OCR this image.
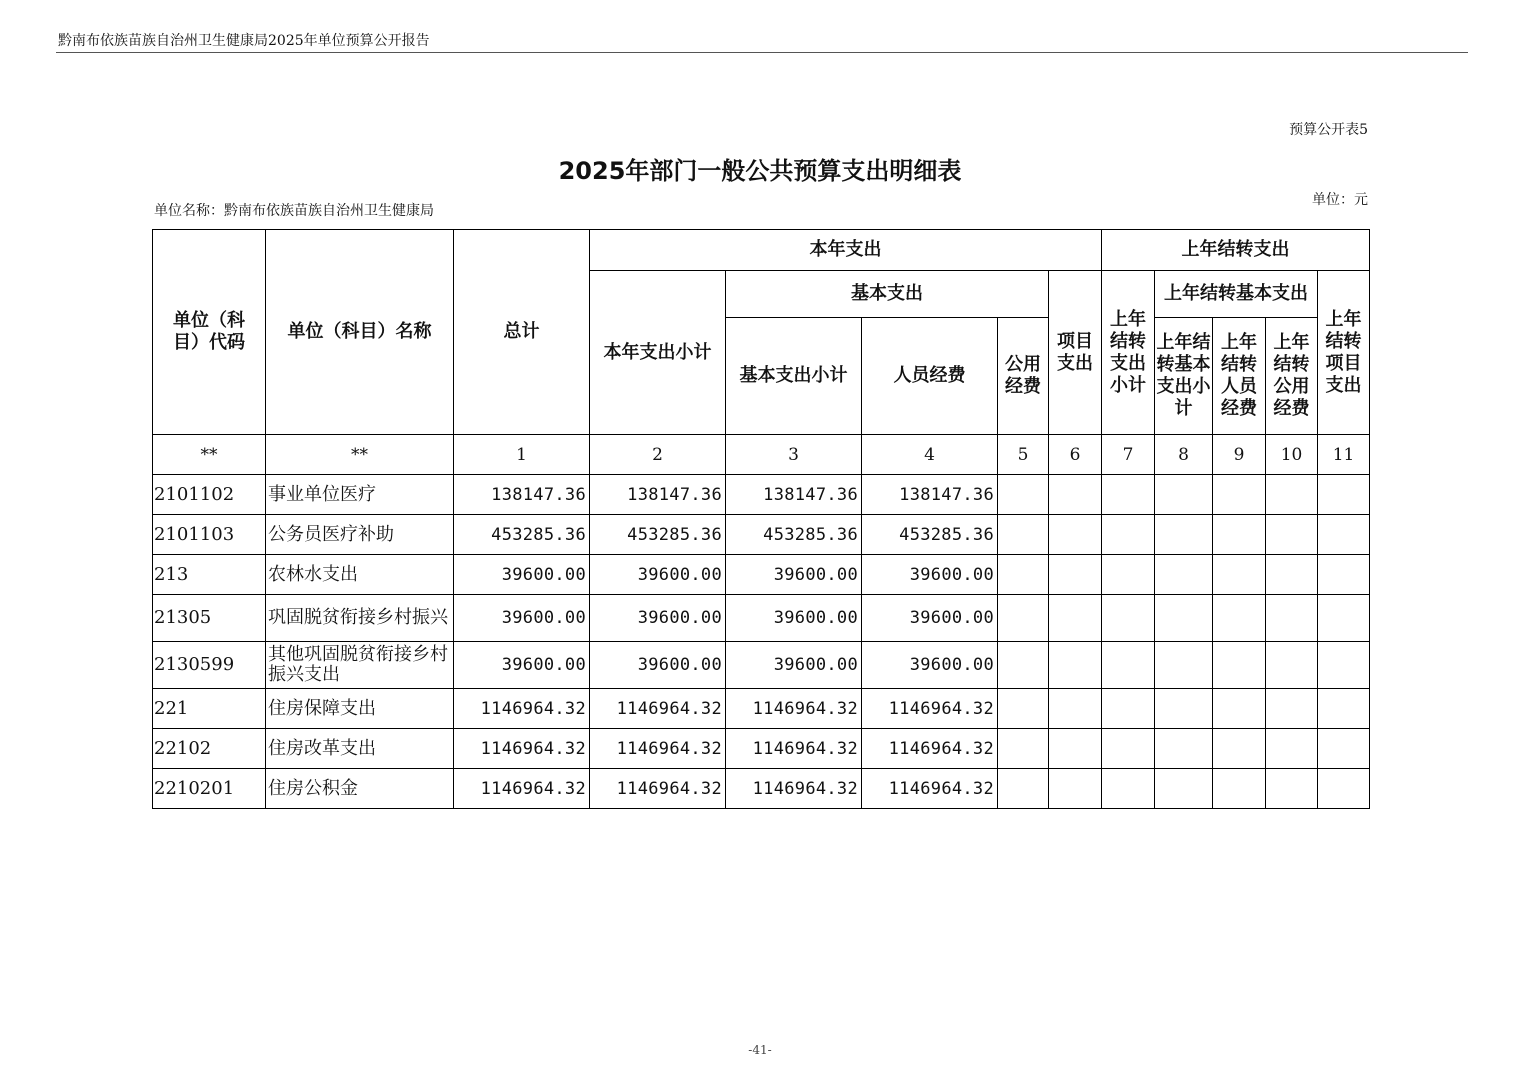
黔南布依族苗族自治州卫生健康局2025年单位预算公开报告
预算公开表5
2025年部门一般公共预算支出明细表
单位名称：黔南布依族苗族自治州卫生健康局
单位：元
单位（科目）代码	单位（科目）名称	总计	本年支出					上年结转支出				
			本年支出小计	基本支出			项目支出	上年结转支出小计	上年结转基本支出			上年结转项目支出
				基本支出小计	人员经费	公用经费			上年结转基本支出小计	上年结转人员经费	上年结转公用经费	
**	**	1	2	3	4	5	6	7	8	9	10	11
2101102	事业单位医疗	138147.36	138147.36	138147.36	138147.36							
2101103	公务员医疗补助	453285.36	453285.36	453285.36	453285.36							
213	农林水支出	39600.00	39600.00	39600.00	39600.00							
21305	巩固脱贫衔接乡村振兴	39600.00	39600.00	39600.00	39600.00							
2130599	其他巩固脱贫衔接乡村振兴支出	39600.00	39600.00	39600.00	39600.00							
221	住房保障支出	1146964.32	1146964.32	1146964.32	1146964.32							
22102	住房改革支出	1146964.32	1146964.32	1146964.32	1146964.32							
2210201	住房公积金	1146964.32	1146964.32	1146964.32	1146964.32							
-41-
